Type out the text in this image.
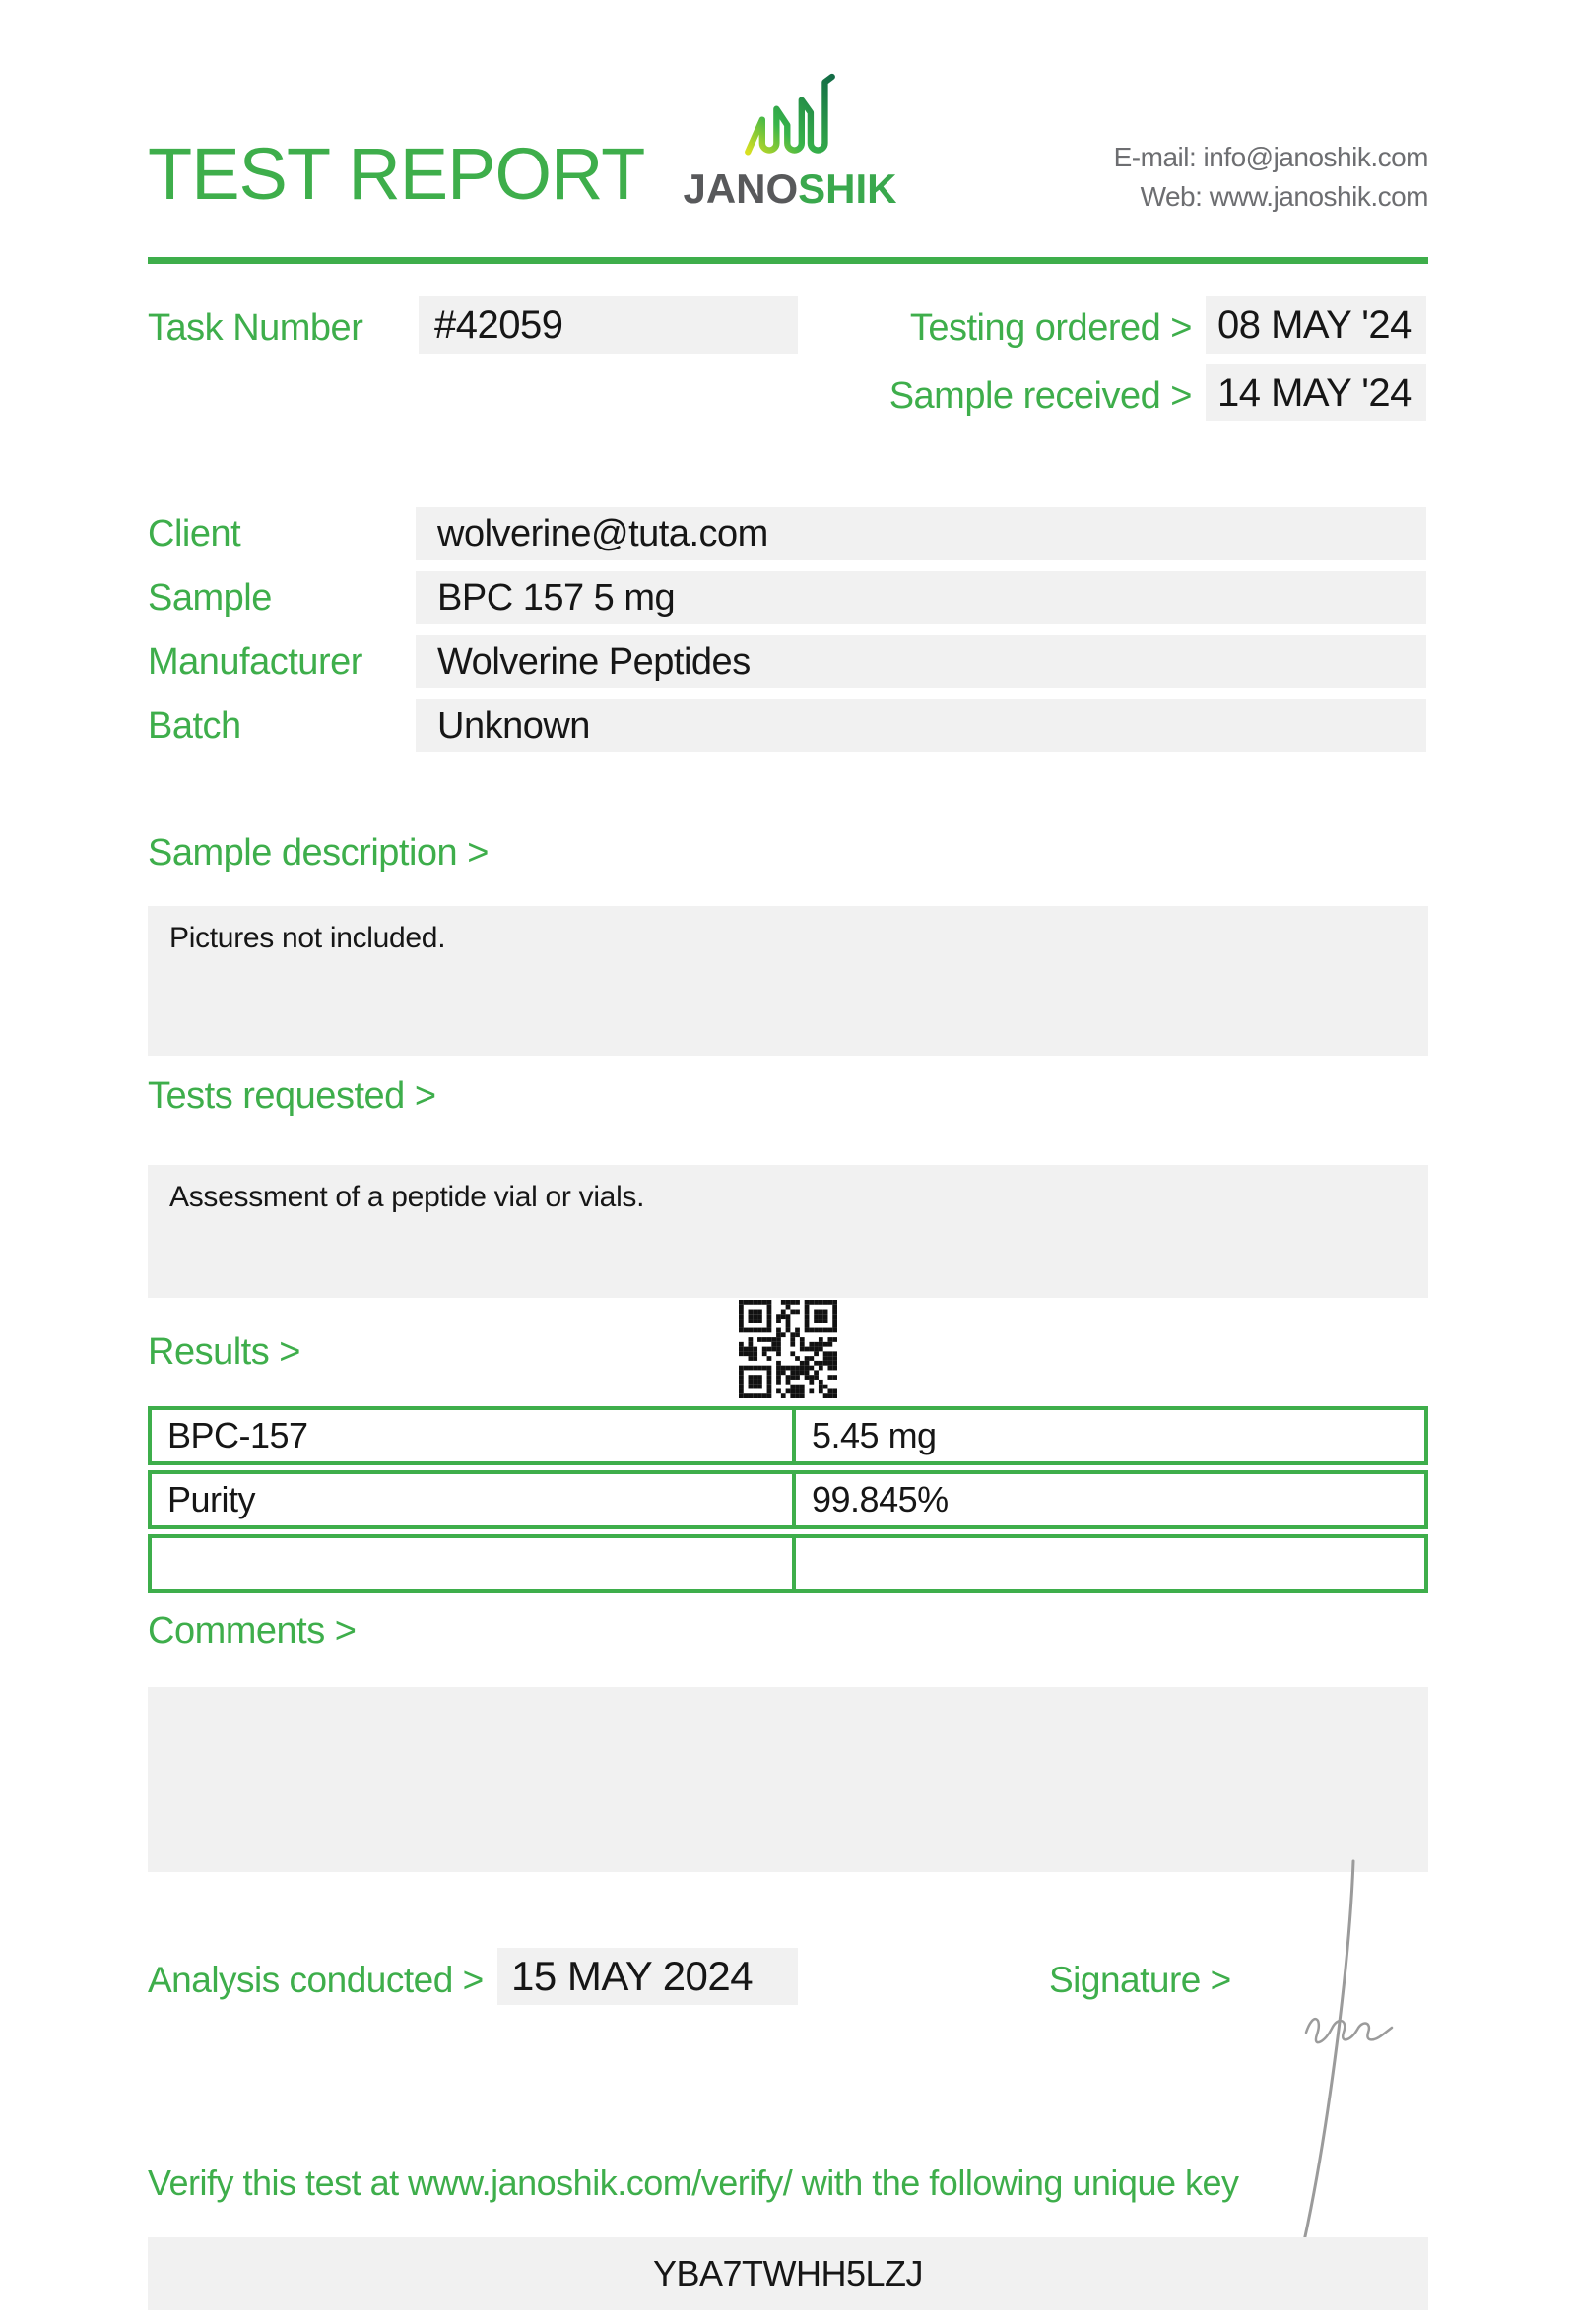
TEST REPORT JANOSHIK
E-mail: info@janoshik.com
Web: www.janoshik.com
Task Number #42059	Testing ordered > 08 MAY '24
Sample received > 14 MAY '24
Client	wolverine@tuta.com
Sample	BPC 157 5 mg
Manufacturer Wolverine Peptides
Batch	Unknown
Sample description >
Pictures not included.
Tests requested >
Assessment of a peptide vial or vials.
Results >
BPC-157	5.45 mg
Purity	99.845%
Comments >
Analysis conducted > 15 MAY 2024	Signature >
Verify this test at www.janoshik.com/verify/ with the following unique key
YBA7TWHH5LZJ
